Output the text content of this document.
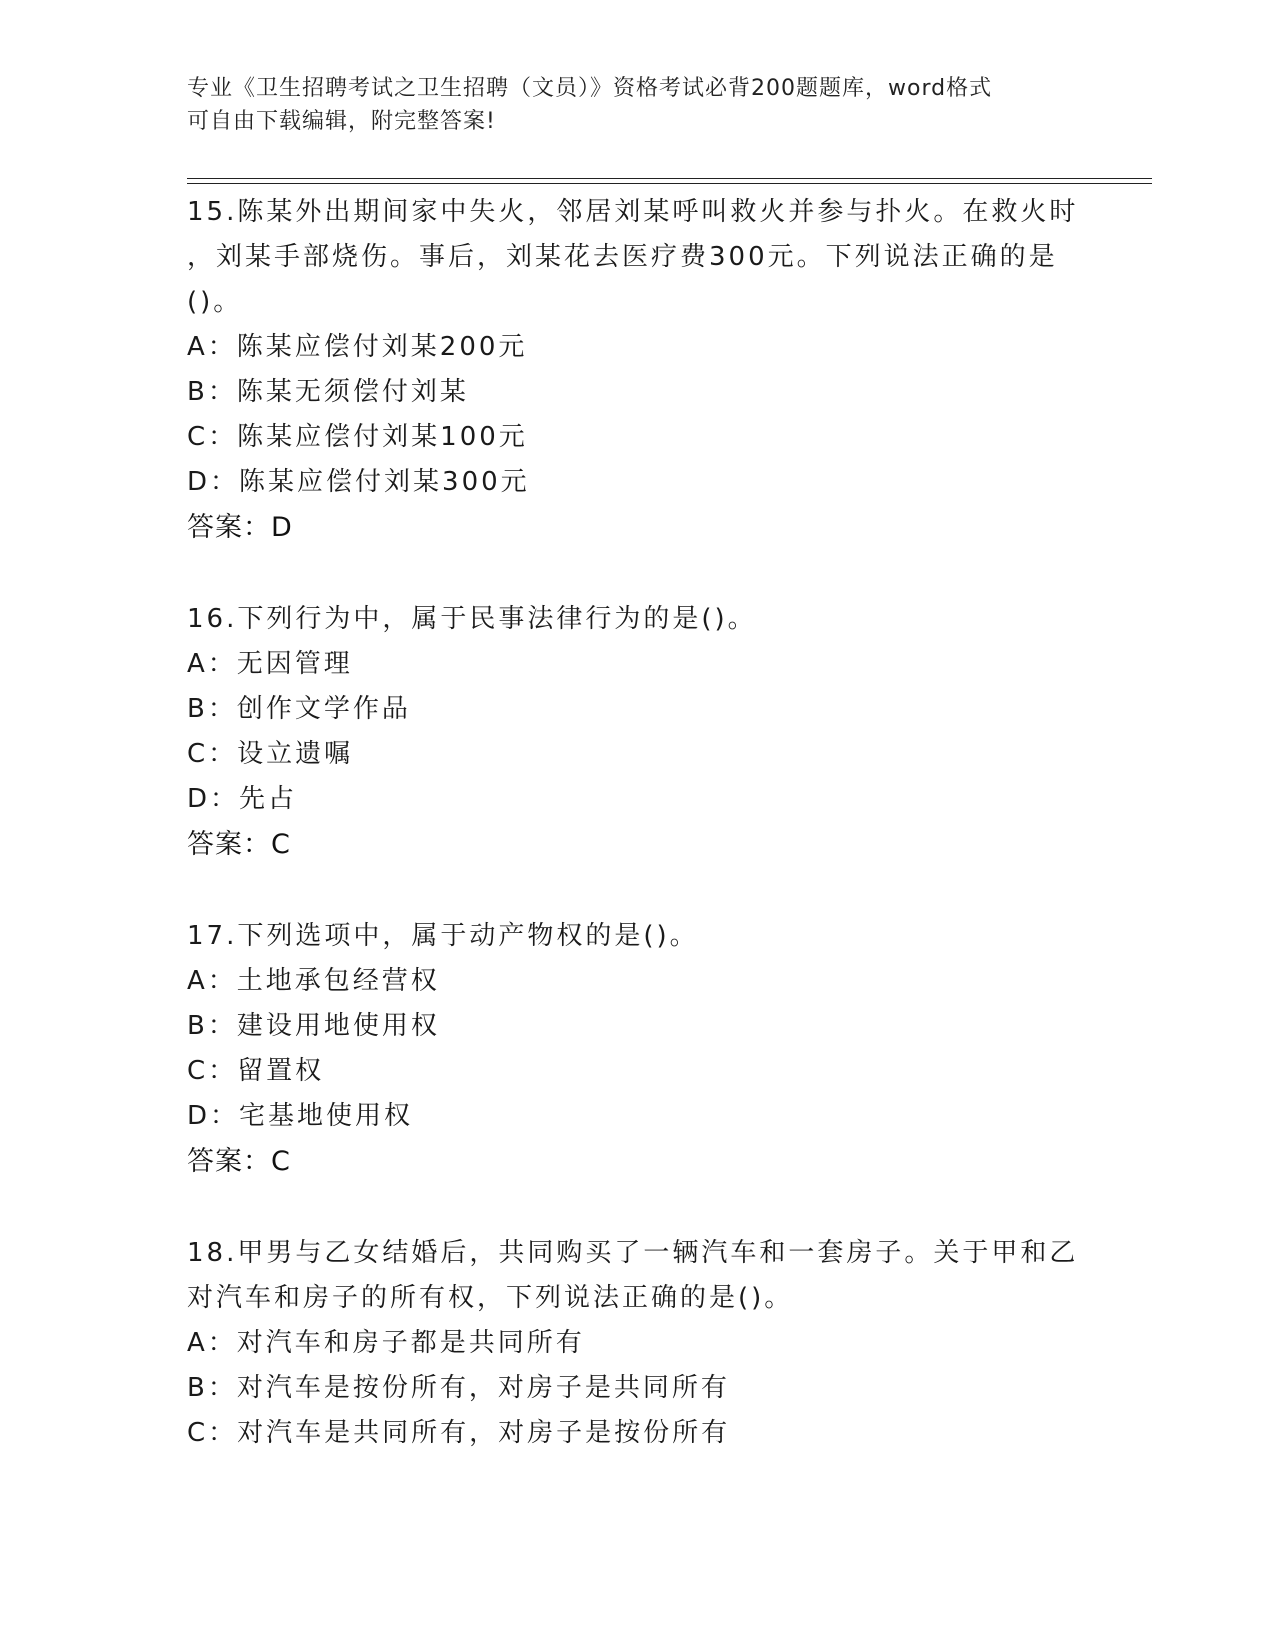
专业《卫生招聘考试之卫生招聘（文员）》资格考试必背200题题库，word格式
可自由下载编辑，附完整答案!

15.陈某外出期间家中失火，邻居刘某呼叫救火并参与扑火。在救火时

，刘某手部烧伤。事后，刘某花去医疗费300元。下列说法正确的是

()。

A：陈某应偿付刘某200元

B：陈某无须偿付刘某

C：陈某应偿付刘某100元

D：陈某应偿付刘某300元

答案：D

16.下列行为中，属于民事法律行为的是()。

A：无因管理

B：创作文学作品

C：设立遗嘱

D：先占

答案：C

17.下列选项中，属于动产物权的是()。

A：土地承包经营权

B：建设用地使用权

C：留置权

D：宅基地使用权

答案：C

18.甲男与乙女结婚后，共同购买了一辆汽车和一套房子。关于甲和乙

对汽车和房子的所有权，下列说法正确的是()。

A：对汽车和房子都是共同所有

B：对汽车是按份所有，对房子是共同所有

C：对汽车是共同所有，对房子是按份所有
